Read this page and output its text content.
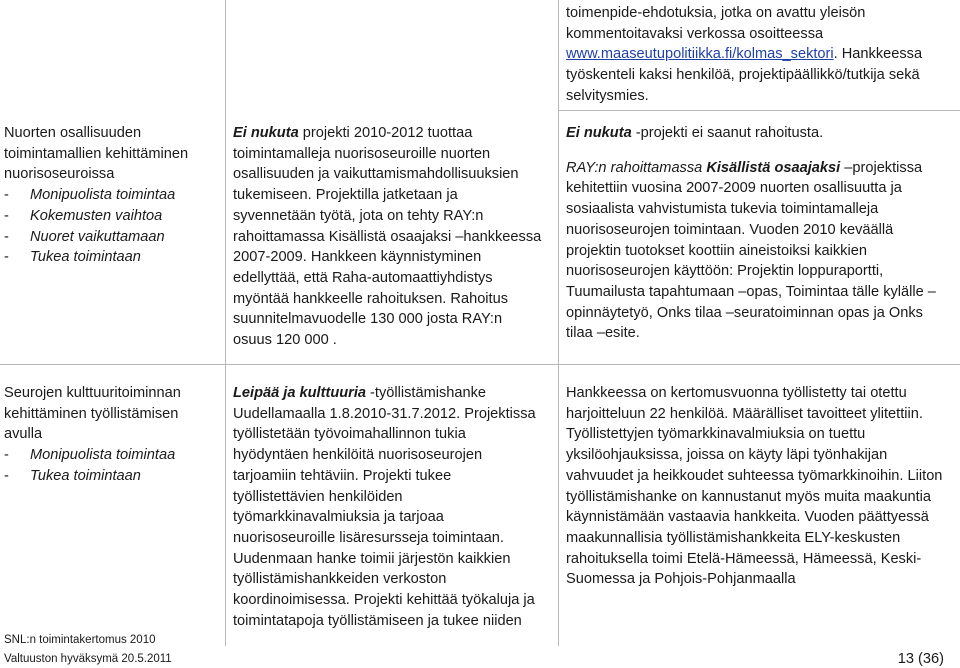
toimenpide-ehdotuksia, jotka on avattu yleisön
kommentoitavaksi verkossa osoitteessa
www.maaseutupolitiikka.fi/kolmas_sektori. Hankkeessa
työskenteli kaksi henkilöä, projektipäällikkö/tutkija sekä
selvitysmies.
Nuorten osallisuuden
toimintamallien kehittäminen
nuorisoseuroissa
- Monipuolista toimintaa
- Kokemusten vaihtoa
- Nuoret vaikuttamaan
- Tukea toimintaan
Ei nukuta projekti 2010-2012 tuottaa
toimintamalleja nuorisoseuroille nuorten
osallisuuden ja vaikuttamismahdollisuuksien
tukemiseen. Projektilla jatketaan ja
syvennetään työtä, jota on tehty RAY:n
rahoittamassa Kisällistä osaajaksi –hankkeessa
2007-2009. Hankkeen käynnistyminen
edellyttää, että Raha-automaattiyhdistys
myöntää hankkeelle rahoituksen. Rahoitus
suunnitelmavuodelle 130 000 josta RAY:n
osuus 120 000 .
Ei nukuta -projekti ei saanut rahoitusta.
RAY:n rahoittamassa Kisällistä osaajaksi –projektissa
kehitettiin vuosina 2007-2009 nuorten osallisuutta ja
sosiaalista vahvistumista tukevia toimintamalleja
nuorisoseurojen toimintaan. Vuoden 2010 keväällä
projektin tuotokset koottiin aineistoiksi kaikkien
nuorisoseurojen käyttöön: Projektin loppuraportti,
Tuumailusta tapahtumaan –opas, Toimintaa tälle kylälle –
opinnäytetyö, Onks tilaa –seuratoiminnan opas ja Onks
tilaa –esite.
Seurojen kulttuuritoiminnan
kehittäminen työllistämisen
avulla
- Monipuolista toimintaa
- Tukea toimintaan
Leipää ja kulttuuria -työllistämishanke
Uudellamaalla 1.8.2010-31.7.2012. Projektissa
työllistetään työvoimahallinnon tukia
hyödyntäen henkilöitä nuorisoseurojen
tarjoamiin tehtäviin. Projekti tukee
työllistettävien henkilöiden
työmarkkinavalmiuksia ja tarjoaa
nuorisoseuroille lisäresursseja toimintaan.
Uudenmaan hanke toimii järjestön kaikkien
työllistämishankkeiden verkoston
koordinoimisessa. Projekti kehittää työkaluja ja
toimintatapoja työllistämiseen ja tukee niiden
Hankkeessa on kertomusvuonna työllistetty tai otettu
harjoitteluun 22 henkilöä. Määrälliset tavoitteet ylitettiin.
Työllistettyjen työmarkkinavalmiuksia on tuettu
yksilöohjauksissa, joissa on käyty läpi työnhakijan
vahvuudet ja heikkoudet suhteessa työmarkkinoihin. Liiton
työllistämishanke on kannustanut myös muita maakuntia
käynnistämään vastaavia hankkeita. Vuoden päättyessä
maakunnallisia työllistämishankkeita ELY-keskusten
rahoituksella toimi Etelä-Hämeessä, Hämeessä, Keski-
Suomessa ja Pohjois-Pohjanmaalla
SNL:n toimintakertomus 2010
Valtuuston hyväksymä 20.5.2011	13 (36)
